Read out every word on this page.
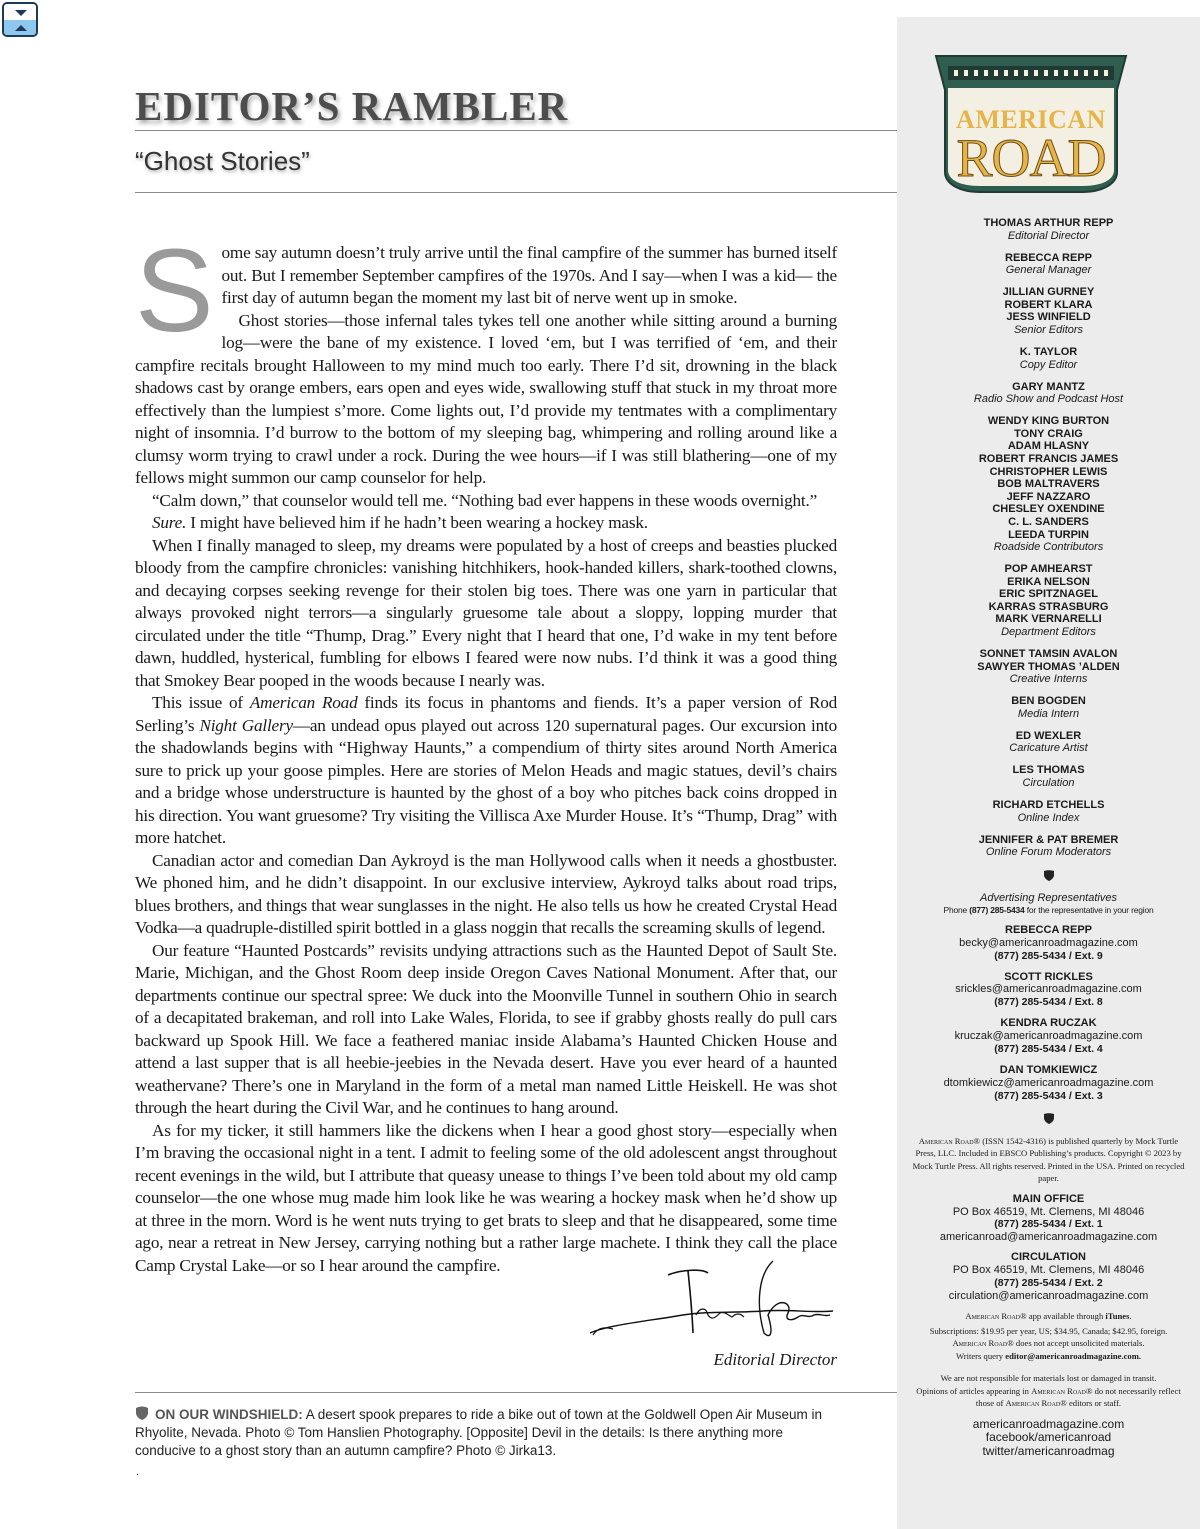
EDITOR’S RAMBLER
“Ghost Stories”

Some say autumn doesn’t truly arrive until the final campfire of the summer has burned itself out. But I remember September campfires of the 1970s. And I say—when I was a kid— the first day of autumn began the moment my last bit of nerve went up in smoke.

Ghost stories—those infernal tales tykes tell one another while sitting around a burning log—were the bane of my existence. I loved ‘em, but I was terrified of ‘em, and their campfire recitals brought Halloween to my mind much too early. There I’d sit, drowning in the black shadows cast by orange embers, ears open and eyes wide, swallowing stuff that stuck in my throat more effectively than the lumpiest s’more. Come lights out, I’d provide my tentmates with a complimentary night of insomnia. I’d burrow to the bottom of my sleeping bag, whimpering and rolling around like a clumsy worm trying to crawl under a rock. During the wee hours—if I was still blathering—one of my fellows might summon our camp counselor for help.

“Calm down,” that counselor would tell me. “Nothing bad ever happens in these woods overnight.”

Sure. I might have believed him if he hadn’t been wearing a hockey mask.

When I finally managed to sleep, my dreams were populated by a host of creeps and beasties plucked bloody from the campfire chronicles: vanishing hitchhikers, hook-handed killers, shark-toothed clowns, and decaying corpses seeking revenge for their stolen big toes. There was one yarn in particular that always provoked night terrors—a singularly gruesome tale about a sloppy, lopping murder that circulated under the title “Thump, Drag.” Every night that I heard that one, I’d wake in my tent before dawn, huddled, hysterical, fumbling for elbows I feared were now nubs. I’d think it was a good thing that Smokey Bear pooped in the woods because I nearly was.

This issue of American Road finds its focus in phantoms and fiends. It’s a paper version of Rod Serling’s Night Gallery—an undead opus played out across 120 supernatural pages. Our excursion into the shadowlands begins with “Highway Haunts,” a compendium of thirty sites around North America sure to prick up your goose pimples. Here are stories of Melon Heads and magic statues, devil’s chairs and a bridge whose understructure is haunted by the ghost of a boy who pitches back coins dropped in his direction. You want gruesome? Try visiting the Villisca Axe Murder House. It’s “Thump, Drag” with more hatchet.

Canadian actor and comedian Dan Aykroyd is the man Hollywood calls when it needs a ghostbuster. We phoned him, and he didn’t disappoint. In our exclusive interview, Aykroyd talks about road trips, blues brothers, and things that wear sunglasses in the night. He also tells us how he created Crystal Head Vodka—a quadruple-distilled spirit bottled in a glass noggin that recalls the screaming skulls of legend.

Our feature “Haunted Postcards” revisits undying attractions such as the Haunted Depot of Sault Ste. Marie, Michigan, and the Ghost Room deep inside Oregon Caves National Monument. After that, our departments continue our spectral spree: We duck into the Moonville Tunnel in southern Ohio in search of a decapitated brakeman, and roll into Lake Wales, Florida, to see if grabby ghosts really do pull cars backward up Spook Hill. We face a feathered maniac inside Alabama’s Haunted Chicken House and attend a last supper that is all heebie-jeebies in the Nevada desert. Have you ever heard of a haunted weathervane? There’s one in Maryland in the form of a metal man named Little Heiskell. He was shot through the heart during the Civil War, and he continues to hang around.

As for my ticker, it still hammers like the dickens when I hear a good ghost story—especially when I’m braving the occasional night in a tent. I admit to feeling some of the old adolescent angst throughout recent evenings in the wild, but I attribute that queasy unease to things I’ve been told about my old camp counselor—the one whose mug made him look like he was wearing a hockey mask when he’d show up at three in the morn. Word is he went nuts trying to get brats to sleep and that he disappeared, some time ago, near a retreat in New Jersey, carrying nothing but a rather large machete. I think they call the place Camp Crystal Lake—or so I hear around the campfire.

Editorial Director
ON OUR WINDSHIELD: A desert spook prepares to ride a bike out of town at the Goldwell Open Air Museum in Rhyolite, Nevada. Photo © Tom Hanslien Photography. [Opposite] Devil in the details: Is there anything more conducive to a ghost story than an autumn campfire? Photo © Jirka13.
.
AMERICAN
ROAD
THOMAS ARTHUR REPP
Editorial Director
REBECCA REPP
General Manager
JILLIAN GURNEY
ROBERT KLARA
JESS WINFIELD
Senior Editors
K. TAYLOR
Copy Editor
GARY MANTZ
Radio Show and Podcast Host
WENDY KING BURTON
TONY CRAIG
ADAM HLASNY
ROBERT FRANCIS JAMES
CHRISTOPHER LEWIS
BOB MALTRAVERS
JEFF NAZZARO
CHESLEY OXENDINE
C. L. SANDERS
LEEDA TURPIN
Roadside Contributors
POP AMHEARST
ERIKA NELSON
ERIC SPITZNAGEL
KARRAS STRASBURG
MARK VERNARELLI
Department Editors
SONNET TAMSIN AVALON
SAWYER THOMAS ’ALDEN
Creative Interns
BEN BOGDEN
Media Intern
ED WEXLER
Caricature Artist
LES THOMAS
Circulation
RICHARD ETCHELLS
Online Index
JENNIFER & PAT BREMER
Online Forum Moderators
Advertising Representatives
Phone (877) 285-5434 for the representative in your region
REBECCA REPP
becky@americanroadmagazine.com
(877) 285-5434 / Ext. 9
SCOTT RICKLES
srickles@americanroadmagazine.com
(877) 285-5434 / Ext. 8
KENDRA RUCZAK
kruczak@americanroadmagazine.com
(877) 285-5434 / Ext. 4
DAN TOMKIEWICZ
dtomkiewicz@americanroadmagazine.com
(877) 285-5434 / Ext. 3
American Road® (ISSN 1542-4316) is published quarterly by Mock Turtle Press, LLC. Included in EBSCO Publishing’s products. Copyright © 2023 by Mock Turtle Press. All rights reserved. Printed in the USA. Printed on recycled paper.
MAIN OFFICE
PO Box 46519, Mt. Clemens, MI 48046
(877) 285-5434 / Ext. 1
americanroad@americanroadmagazine.com
CIRCULATION
PO Box 46519, Mt. Clemens, MI 48046
(877) 285-5434 / Ext. 2
circulation@americanroadmagazine.com
American Road® app available through iTunes.
Subscriptions: $19.95 per year, US; $34.95, Canada; $42.95, foreign.
American Road® does not accept unsolicited materials.
Writers query editor@americanroadmagazine.com.
We are not responsible for materials lost or damaged in transit.
Opinions of articles appearing in American Road® do not necessarily reflect those of American Road® editors or staff.
americanroadmagazine.com
facebook/americanroad
twitter/americanroadmag
